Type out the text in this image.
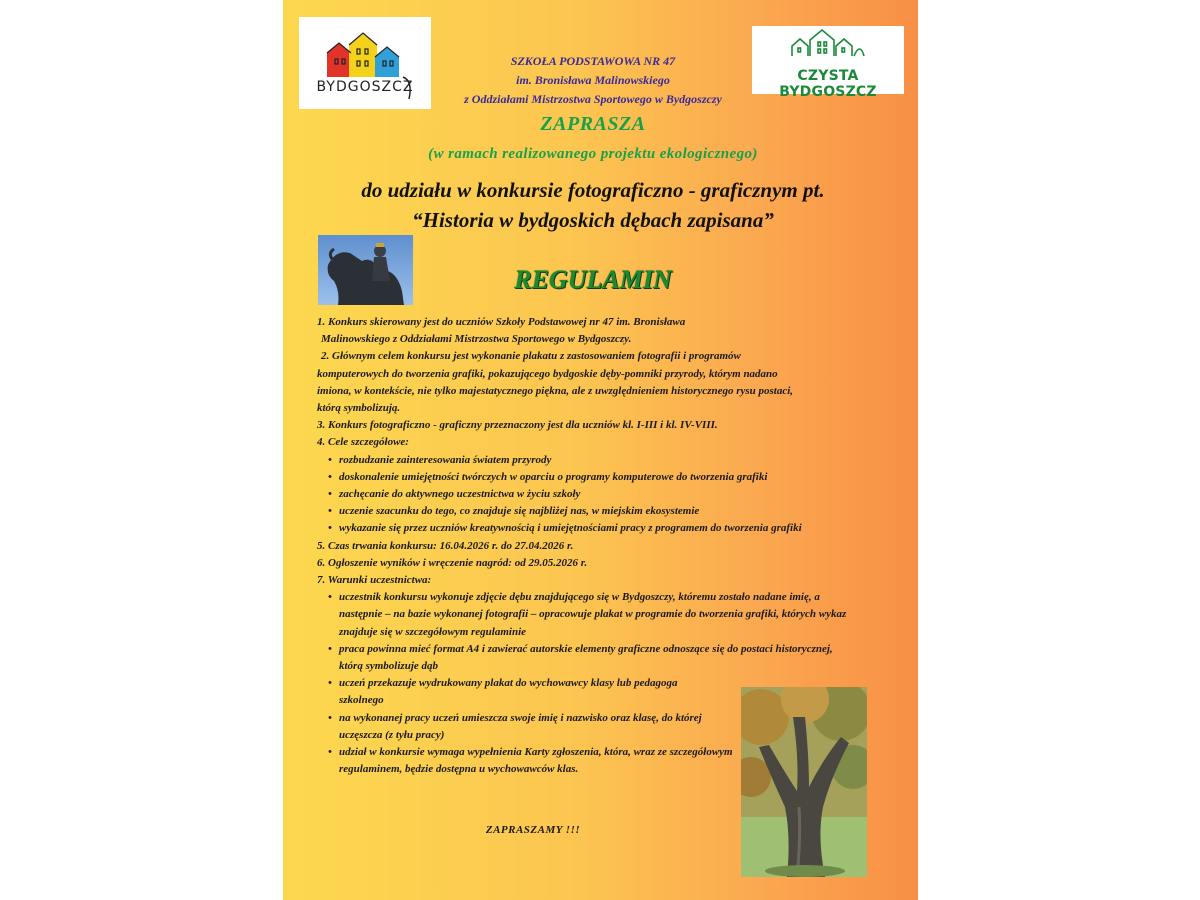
BYDGOSZCZ
CZYSTA BYDGOSZCZ
SZKOŁA PODSTAWOWA NR 47
im. Bronisława Malinowskiego
z Oddziałami Mistrzostwa Sportowego w Bydgoszczy
ZAPRASZA
(w ramach realizowanego projektu ekologicznego)
do udziału w konkursie fotograficzno - graficznym pt.
“Historia w bydgoskich dębach zapisana”
REGULAMIN

1. Konkurs skierowany jest do uczniów Szkoły Podstawowej nr 47 im. Bronisława

Malinowskiego z Oddziałami Mistrzostwa Sportowego w Bydgoszczy.

2. Głównym celem konkursu jest wykonanie plakatu z zastosowaniem fotografii i programów

komputerowych do tworzenia grafiki, pokazującego bydgoskie dęby-pomniki przyrody, którym nadano

imiona, w kontekście, nie tylko majestatycznego piękna, ale z uwzględnieniem historycznego rysu postaci,

którą symbolizują.

3. Konkurs fotograficzno - graficzny przeznaczony jest dla uczniów kl. I-III i kl. IV-VIII.

4. Cele szczegółowe:

• rozbudzanie zainteresowania światem przyrody
• doskonalenie umiejętności twórczych w oparciu o programy komputerowe do tworzenia grafiki
• zachęcanie do aktywnego uczestnictwa w życiu szkoły
• uczenie szacunku do tego, co znajduje się najbliżej nas, w miejskim ekosystemie
• wykazanie się przez uczniów kreatywnością i umiejętnościami pracy z programem do tworzenia grafiki

5. Czas trwania konkursu: 16.04.2026 r. do 27.04.2026 r.

6. Ogłoszenie wyników i wręczenie nagród: od 29.05.2026 r.

7. Warunki uczestnictwa:

• uczestnik konkursu wykonuje zdjęcie dębu znajdującego się w Bydgoszczy, któremu zostało nadane imię, a następnie – na bazie wykonanej fotografii – opracowuje plakat w programie do tworzenia grafiki, których wykaz znajduje się w szczegółowym regulaminie
• praca powinna mieć format A4 i zawierać autorskie elementy graficzne odnoszące się do postaci historycznej, którą symbolizuje dąb
• uczeń przekazuje wydrukowany plakat do wychowawcy klasy lub pedagoga szkolnego
• na wykonanej pracy uczeń umieszcza swoje imię i nazwisko oraz klasę, do której uczęszcza (z tyłu pracy)
• udział w konkursie wymaga wypełnienia Karty zgłoszenia, która, wraz ze szczegółowym regulaminem, będzie dostępna u wychowawców klas.
ZAPRASZAMY !!!
